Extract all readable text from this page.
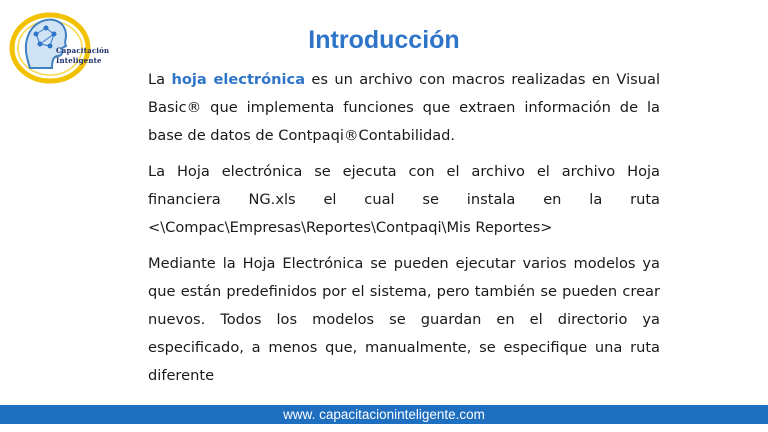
Capacitación
Inteligente
Introducción

La hoja electrónica es un archivo con macros realizadas en Visual Basic® que implementa funciones que extraen información de la base de datos de Contpaqi®Contabilidad.

La Hoja electrónica se ejecuta con el archivo el archivo Hoja financiera NG.xls el cual se instala en la ruta <\Compac\Empresas\Reportes\Contpaqi\Mis Reportes>

Mediante la Hoja Electrónica se pueden ejecutar varios modelos ya que están predefinidos por el sistema, pero también se pueden crear nuevos. Todos los modelos se guardan en el directorio ya especificado, a menos que, manualmente, se especifique una ruta diferente

www. capacitacioninteligente.com
